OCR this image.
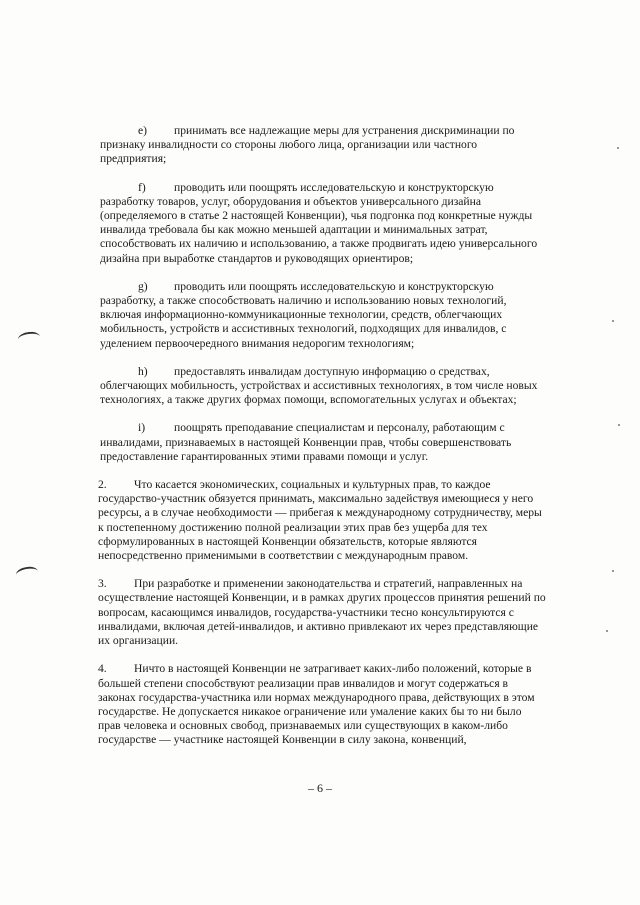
e) принимать все надлежащие меры для устранения дискриминации по признаку инвалидности со стороны любого лица, организации или частного предприятия;

f) проводить или поощрять исследовательскую и конструкторскую разработку товаров, услуг, оборудования и объектов универсального дизайна (определяемого в статье 2 настоящей Конвенции), чья подгонка под конкретные нужды инвалида требовала бы как можно меньшей адаптации и минимальных затрат, способствовать их наличию и использованию, а также продвигать идею универсального дизайна при выработке стандартов и руководящих ориентиров;

g) проводить или поощрять исследовательскую и конструкторскую разработку, а также способствовать наличию и использованию новых технологий, включая информационно-коммуникационные технологии, средств, облегчающих мобильность, устройств и ассистивных технологий, подходящих для инвалидов, с уделением первоочередного внимания недорогим технологиям;

h) предоставлять инвалидам доступную информацию о средствах, облегчающих мобильность, устройствах и ассистивных технологиях, в том числе новых технологиях, а также других формах помощи, вспомогательных услугах и объектах;

i) поощрять преподавание специалистам и персоналу, работающим с инвалидами, признаваемых в настоящей Конвенции прав, чтобы совершенствовать предоставление гарантированных этими правами помощи и услуг.

2. Что касается экономических, социальных и культурных прав, то каждое государство-участник обязуется принимать, максимально задействуя имеющиеся у него ресурсы, а в случае необходимости — прибегая к международному сотрудничеству, меры к постепенному достижению полной реализации этих прав без ущерба для тех сформулированных в настоящей Конвенции обязательств, которые являются непосредственно применимыми в соответствии с международным правом.

3. При разработке и применении законодательства и стратегий, направленных на осуществление настоящей Конвенции, и в рамках других процессов принятия решений по вопросам, касающимся инвалидов, государства-участники тесно консультируются с инвалидами, включая детей-инвалидов, и активно привлекают их через представляющие их организации.

4. Ничто в настоящей Конвенции не затрагивает каких-либо положений, которые в большей степени способствуют реализации прав инвалидов и могут содержаться в законах государства-участника или нормах международного права, действующих в этом государстве. Не допускается никакое ограничение или умаление каких бы то ни было прав человека и основных свобод, признаваемых или существующих в каком-либо государстве — участнике настоящей Конвенции в силу закона, конвенций,

– 6 –
